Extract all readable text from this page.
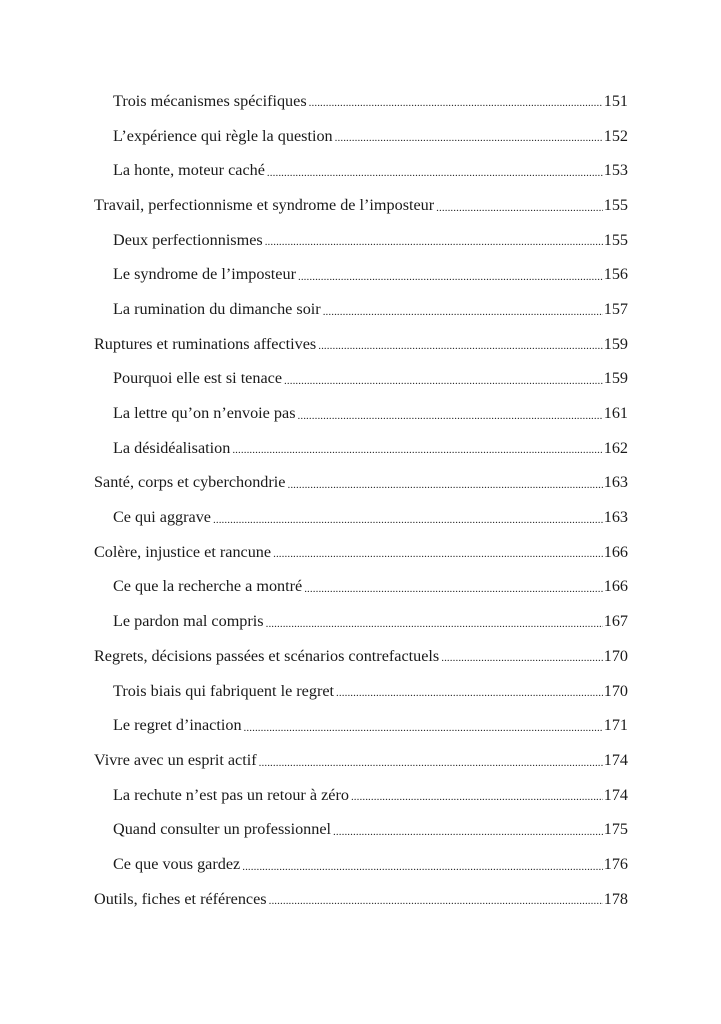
Trois mécanismes spécifiques .....	151
L’expérience qui règle la question .....	152
La honte, moteur caché .....	153
Travail, perfectionnisme et syndrome de l’imposteur .....	155
Deux perfectionnismes .....	155
Le syndrome de l’imposteur .....	156
La rumination du dimanche soir .....	157
Ruptures et ruminations affectives .....	159
Pourquoi elle est si tenace .....	159
La lettre qu’on n’envoie pas .....	161
La désidéalisation .....	162
Santé, corps et cyberchondrie .....	163
Ce qui aggrave .....	163
Colère, injustice et rancune .....	166
Ce que la recherche a montré .....	166
Le pardon mal compris .....	167
Regrets, décisions passées et scénarios contrefactuels .....	170
Trois biais qui fabriquent le regret .....	170
Le regret d’inaction .....	171
Vivre avec un esprit actif .....	174
La rechute n’est pas un retour à zéro .....	174
Quand consulter un professionnel .....	175
Ce que vous gardez .....	176
Outils, fiches et références .....	178
